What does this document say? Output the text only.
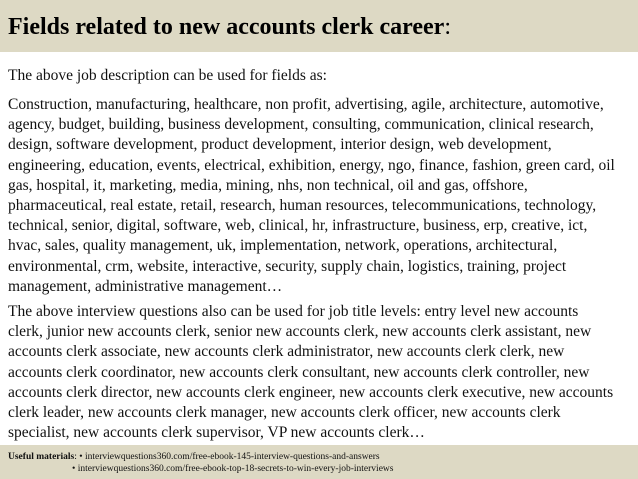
Fields related to new accounts clerk career:
The above job description can be used for fields as:
Construction, manufacturing, healthcare, non profit, advertising, agile, architecture, automotive,
agency, budget, building, business development, consulting, communication, clinical research,
design, software development, product development, interior design, web development,
engineering, education, events, electrical, exhibition, energy, ngo, finance, fashion, green card, oil
gas, hospital, it, marketing, media, mining, nhs, non technical, oil and gas, offshore,
pharmaceutical, real estate, retail, research, human resources, telecommunications, technology,
technical, senior, digital, software, web, clinical, hr, infrastructure, business, erp, creative, ict,
hvac, sales, quality management, uk, implementation, network, operations, architectural,
environmental, crm, website, interactive, security, supply chain, logistics, training, project
management, administrative management…
The above interview questions also can be used for job title levels: entry level new accounts
clerk, junior new accounts clerk, senior new accounts clerk, new accounts clerk assistant, new
accounts clerk associate, new accounts clerk administrator, new accounts clerk clerk, new
accounts clerk coordinator, new accounts clerk consultant, new accounts clerk controller, new
accounts clerk director, new accounts clerk engineer, new accounts clerk executive, new accounts
clerk leader, new accounts clerk manager, new accounts clerk officer, new accounts clerk
specialist, new accounts clerk supervisor, VP new accounts clerk…
Useful materials: • interviewquestions360.com/free-ebook-145-interview-questions-and-answers
• interviewquestions360.com/free-ebook-top-18-secrets-to-win-every-job-interviews
